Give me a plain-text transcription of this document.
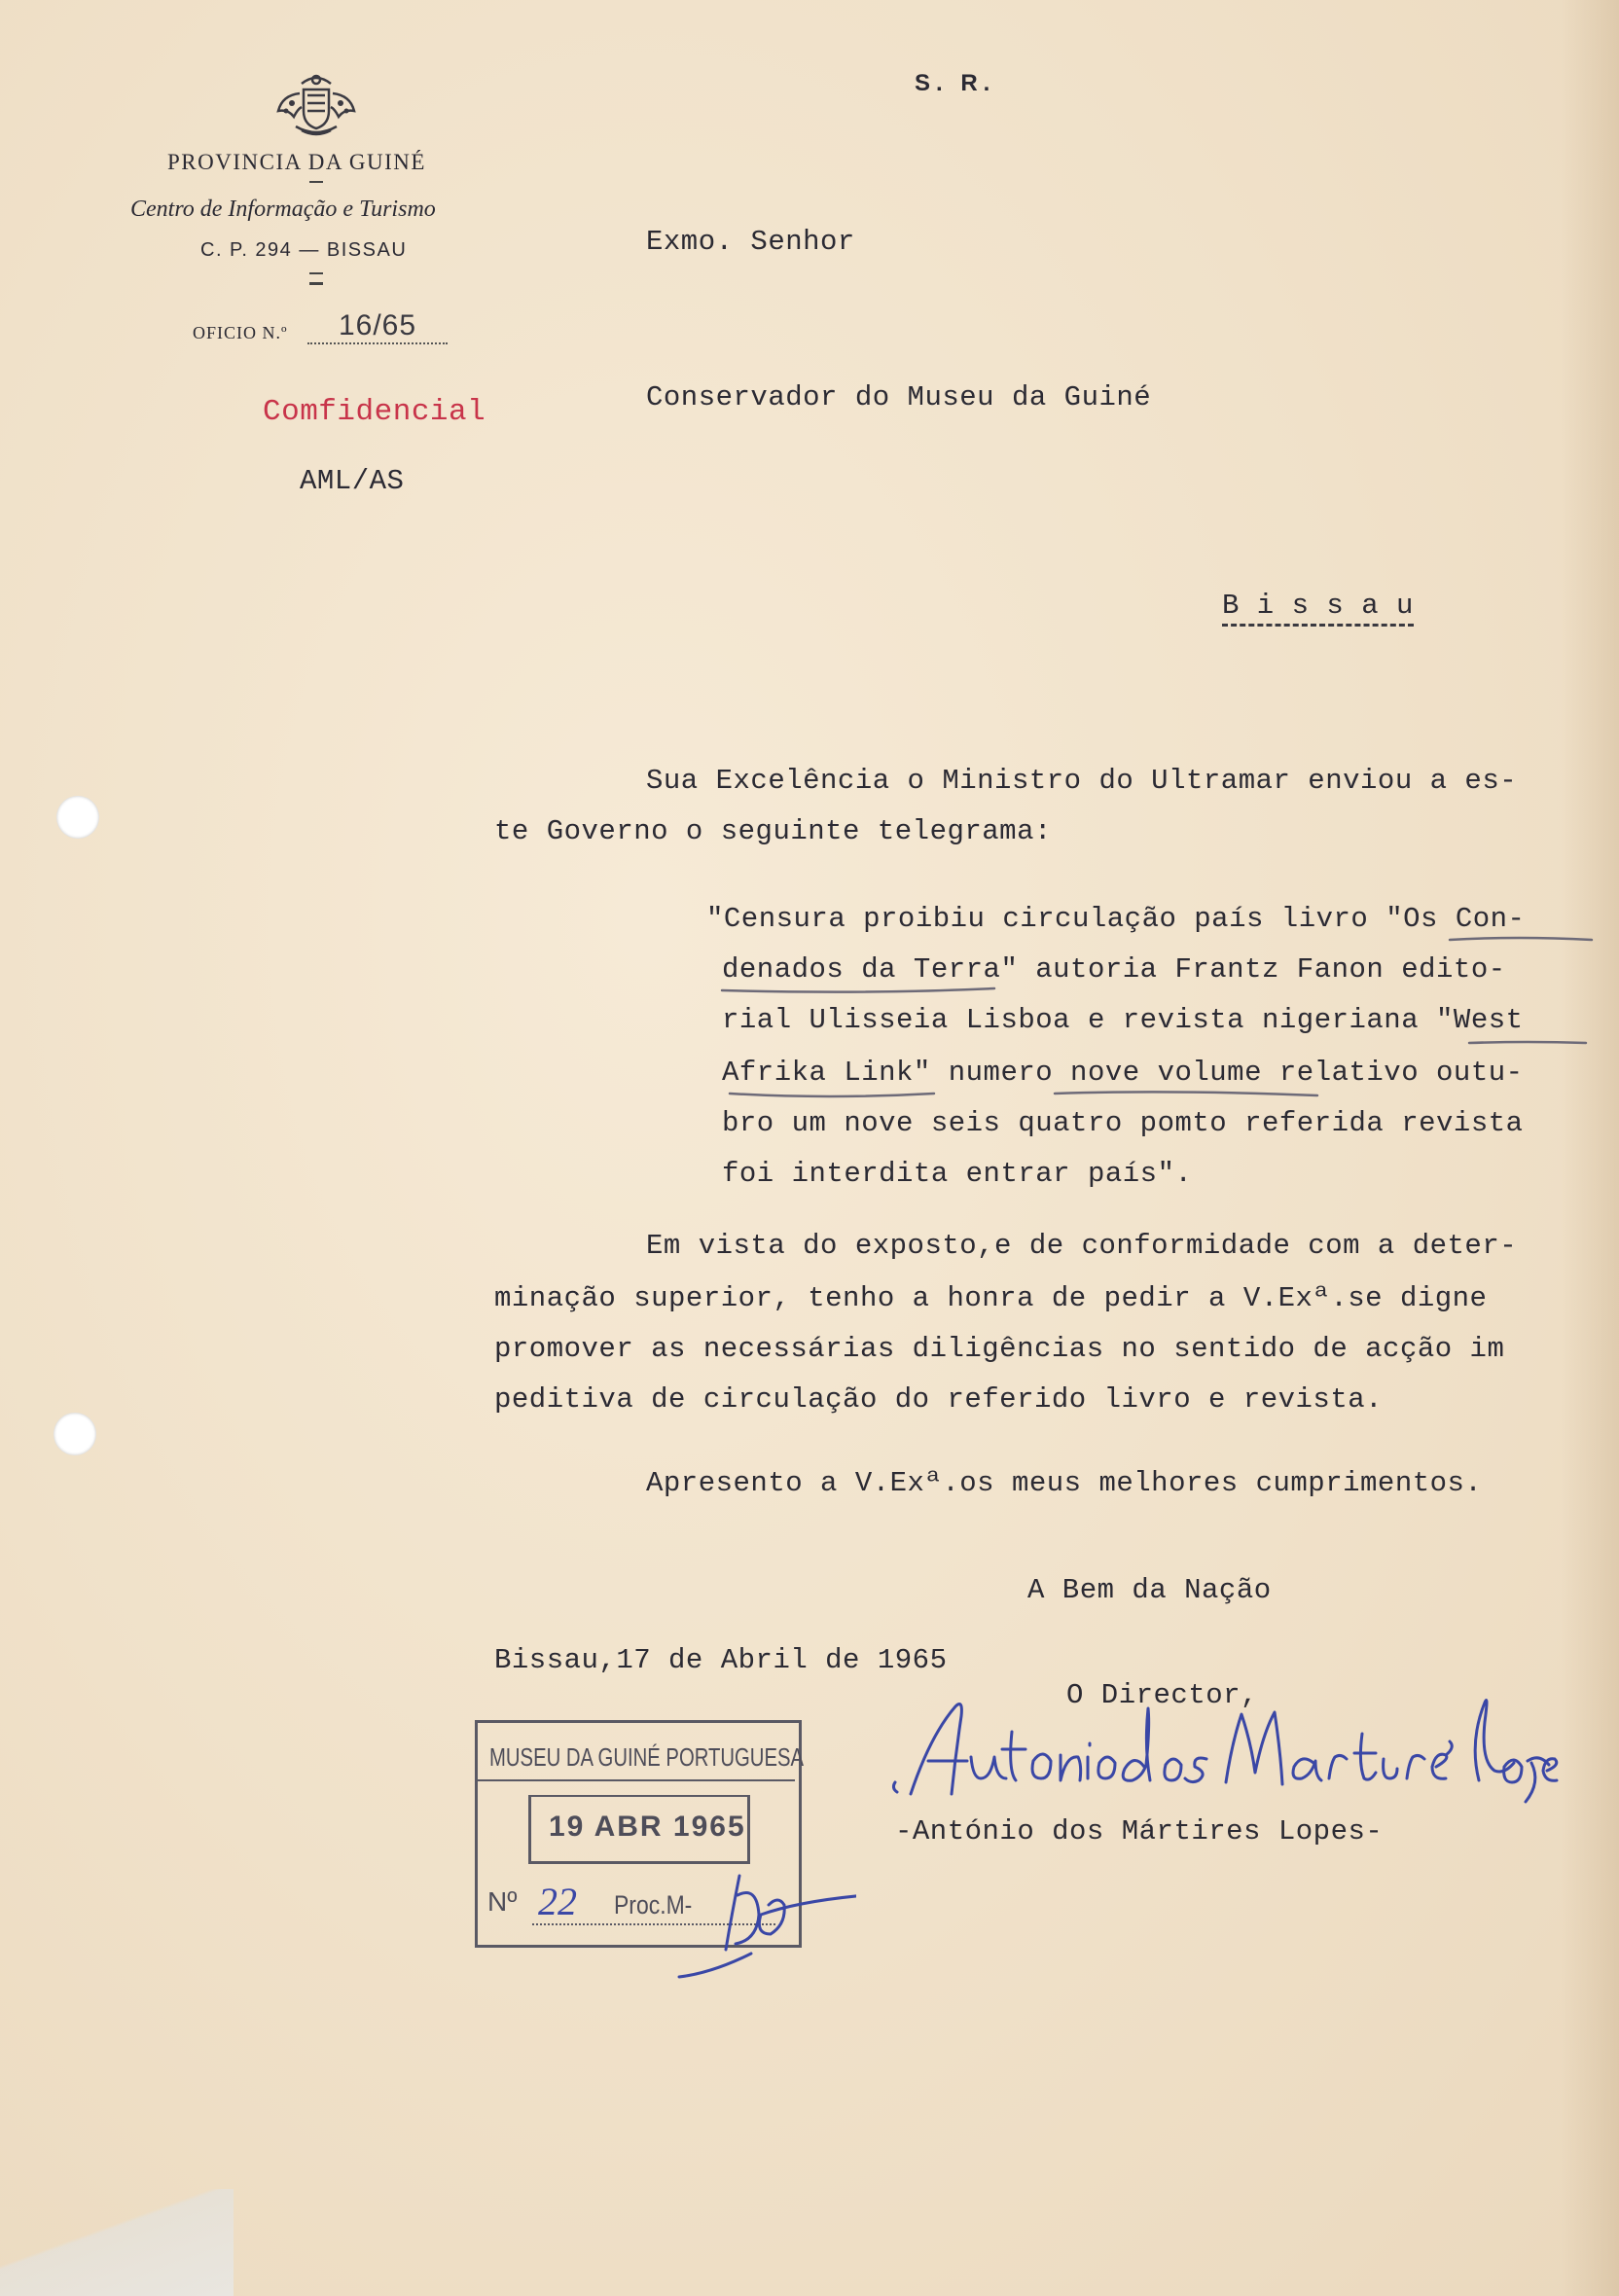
PROVINCIA DA GUINÉ
Centro de Informação e Turismo
C. P. 294 — BISSAU
OFICIO N.º	16/65
Comfidencial
AML/AS
S. R.
Exmo. Senhor
Conservador do Museu da Guiné
B i s s a u
Sua Excelência o Ministro do Ultramar enviou a es-
te Governo o seguinte telegrama:
"Censura proibiu circulação país livro "Os Con-
denados da Terra" autoria Frantz Fanon edito-
rial Ulisseia Lisboa e revista nigeriana "West
Afrika Link" numero nove volume relativo outu-
bro um nove seis quatro pomto referida revista
foi interdita entrar país".
Em vista do exposto,e de conformidade com a deter-
minação superior, tenho a honra de pedir a V.Exª.se digne
promover as necessárias diligências no sentido de acção im
peditiva de circulação do referido livro e revista.
Apresento a V.Exª.os meus melhores cumprimentos.
A Bem da Nação
Bissau,17 de Abril de 1965
O Director,
-António dos Mártires Lopes-
MUSEU DA GUINÉ PORTUGUESA
19 ABR 1965
Nº 22 Proc.M-
